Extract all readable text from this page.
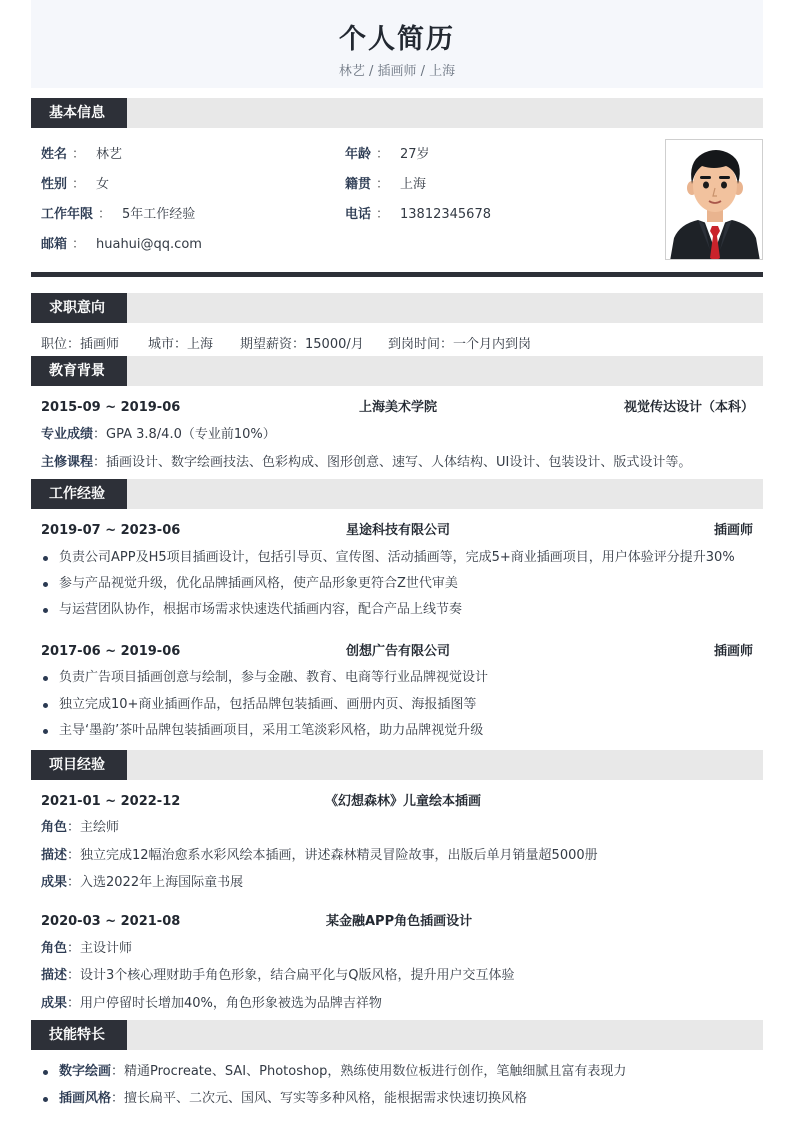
个人简历
林艺 / 插画师 / 上海
基本信息
姓名 ： 林艺	年龄 ： 27岁
性别 ： 女	籍贯 ： 上海
工作年限 ： 5年工作经验	电话 ： 13812345678
邮箱 ： huahui@qq.com
求职意向
职位：插画师 城市：上海 期望薪资：15000/月 到岗时间：一个月内到岗
教育背景
2015-09 ~ 2019-06	上海美术学院	视觉传达设计（本科）
专业成绩：GPA 3.8/4.0（专业前10%）
主修课程：插画设计、数字绘画技法、色彩构成、图形创意、速写、人体结构、UI设计、包装设计、版式设计等。
工作经验
2019-07 ~ 2023-06	星途科技有限公司	插画师
负责公司APP及H5项目插画设计，包括引导页、宣传图、活动插画等，完成5+商业插画项目，用户体验评分提升30%
参与产品视觉升级，优化品牌插画风格，使产品形象更符合Z世代审美
与运营团队协作，根据市场需求快速迭代插画内容，配合产品上线节奏
2017-06 ~ 2019-06	创想广告有限公司	插画师
负责广告项目插画创意与绘制，参与金融、教育、电商等行业品牌视觉设计
独立完成10+商业插画作品，包括品牌包装插画、画册内页、海报插图等
主导‘墨韵’茶叶品牌包装插画项目，采用工笔淡彩风格，助力品牌视觉升级
项目经验
2021-01 ~ 2022-12	《幻想森林》儿童绘本插画
角色：主绘师
描述：独立完成12幅治愈系水彩风绘本插画，讲述森林精灵冒险故事，出版后单月销量超5000册
成果：入选2022年上海国际童书展
2020-03 ~ 2021-08	某金融APP角色插画设计
角色：主设计师
描述：设计3个核心理财助手角色形象，结合扁平化与Q版风格，提升用户交互体验
成果：用户停留时长增加40%，角色形象被选为品牌吉祥物
技能特长
数字绘画：精通Procreate、SAI、Photoshop，熟练使用数位板进行创作，笔触细腻且富有表现力
插画风格：擅长扁平、二次元、国风、写实等多种风格，能根据需求快速切换风格
